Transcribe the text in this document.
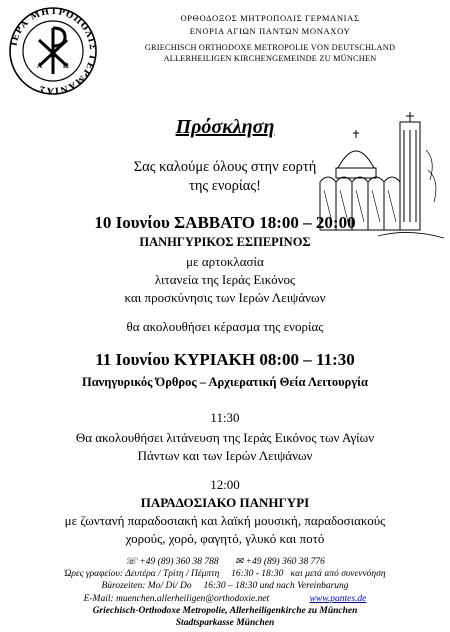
ΙΕΡΑ ΜΗΤΡΟΠΟΛΙΣ ΓΕΡΜΑΝΙΑΣ
Α	Ω
ΟΡΘΟΔΟΞΟΣ ΜΗΤΡΟΠΟΛΙΣ ΓΕΡΜΑΝΙΑΣ
ΕΝΟΡΙΑ ΑΓΙΩΝ ΠΑΝΤΩΝ ΜΟΝΑΧΟΥ
GRIECHISCH ORTHODOXE METROPOLIE VON DEUTSCHLAND
ALLERHEILIGEN KIRCHENGEMEINDE ZU MÜNCHEN
Πρόσκληση
Σας καλούμε όλους στην εορτή
της ενορίας!
10 Ιουνίου ΣΑΒΒΑΤΟ 18:00 – 20:00
ΠΑΝΗΓΥΡΙΚΟΣ ΕΣΠΕΡΙΝΟΣ
με αρτοκλασία
λιτανεία της Ιεράς Εικόνος
και προσκύνησις των Ιερών Λειψάνων
θα ακολουθήσει κέρασμα της ενορίας
11 Ιουνίου ΚΥΡΙΑΚΗ 08:00 – 11:30
Πανηγυρικός Όρθρος – Αρχιερατική Θεία Λειτουργία
11:30
Θα ακολουθήσει λιτάνευση της Ιεράς Εικόνος των Αγίων
Πάντων και των Ιερών Λειψάνων
12:00
ΠΑΡΑΔΟΣΙΑΚΟ ΠΑΝΗΓΥΡΙ
με ζωντανή παραδοσιακή και λαϊκή μουσική, παραδοσιακούς
χορούς, χορό, φαγητό, γλυκό και ποτό
☏ +49 (89) 360 38 788 ✉ +49 (89) 360 38 776
Ώρες γραφείου: Δευτέρα / Τρίτη / Πέμπτη 16:30 - 18:30 και μετά από συνεννόηση
Bürozeiten: Mo/ Di/ Do 16:30 – 18:30 und nach Vereinbarung
E-Mail: muenchen.allerheiligen@orthodoxie.net	www.pantes.de
Griechisch-Orthodoxe Metropolie, Allerheiligenkirche zu München
Stadtsparkasse München
